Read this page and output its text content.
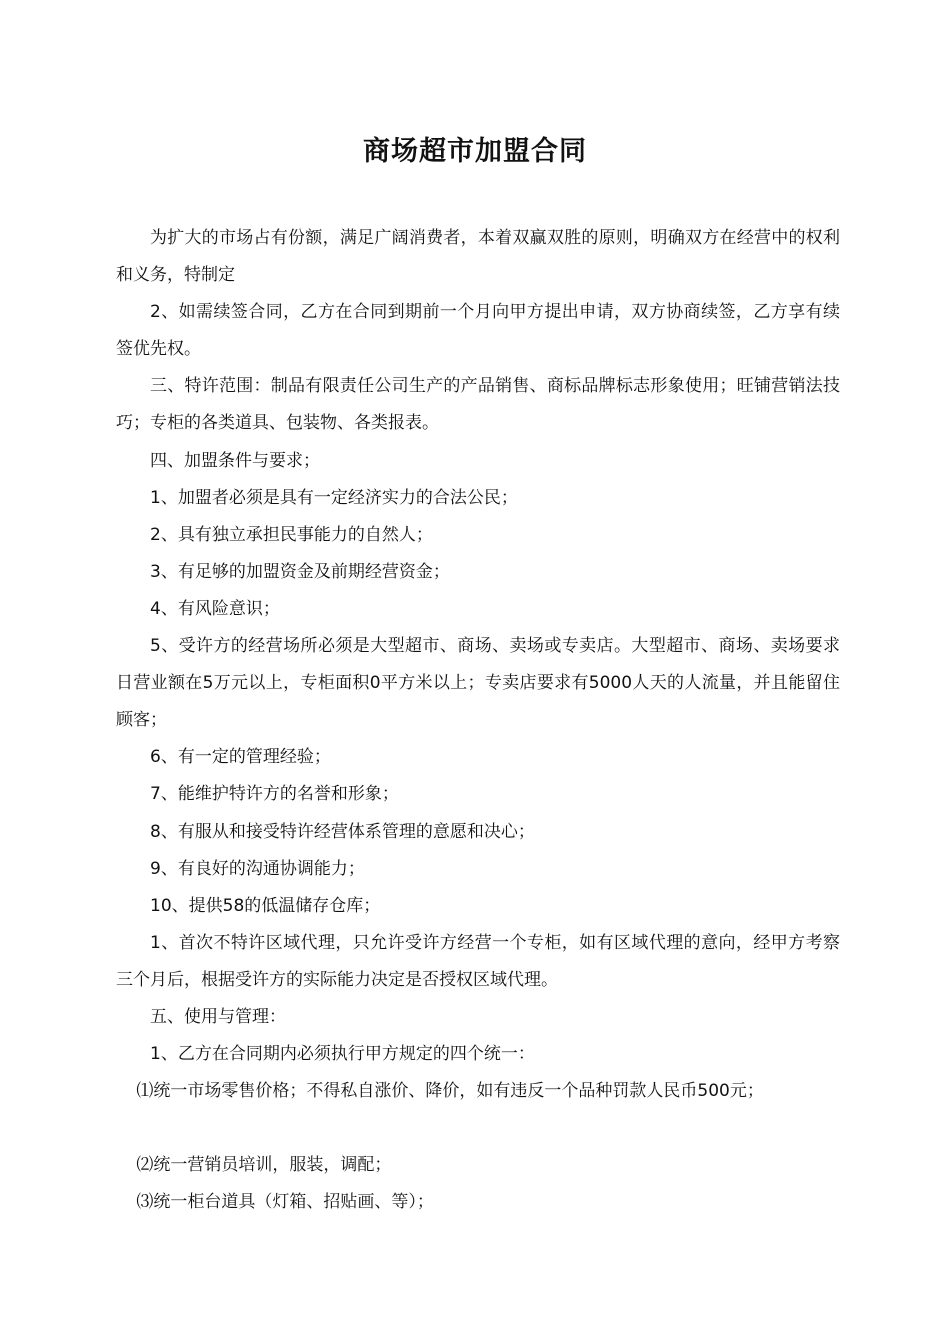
商场超市加盟合同

为扩大的市场占有份额，满足广阔消费者，本着双赢双胜的原则，明确双方在经营中的权利和义务，特制定

2、如需续签合同，乙方在合同到期前一个月向甲方提出申请，双方协商续签，乙方享有续签优先权。

三、特许范围：制品有限责任公司生产的产品销售、商标品牌标志形象使用；旺铺营销法技巧；专柜的各类道具、包装物、各类报表。

四、加盟条件与要求；

1、加盟者必须是具有一定经济实力的合法公民；

2、具有独立承担民事能力的自然人；

3、有足够的加盟资金及前期经营资金；

4、有风险意识；

5、受许方的经营场所必须是大型超市、商场、卖场或专卖店。大型超市、商场、卖场要求日营业额在5万元以上，专柜面积0平方米以上；专卖店要求有5000人天的人流量，并且能留住顾客；

6、有一定的管理经验；

7、能维护特许方的名誉和形象；

8、有服从和接受特许经营体系管理的意愿和决心；

9、有良好的沟通协调能力；

10、提供58的低温储存仓库；

1、首次不特许区域代理，只允许受许方经营一个专柜，如有区域代理的意向，经甲方考察三个月后，根据受许方的实际能力决定是否授权区域代理。

五、使用与管理：

1、乙方在合同期内必须执行甲方规定的四个统一：

⑴统一市场零售价格；不得私自涨价、降价，如有违反一个品种罚款人民币500元；

⑵统一营销员培训，服装，调配；

⑶统一柜台道具（灯箱、招贴画、等）；
